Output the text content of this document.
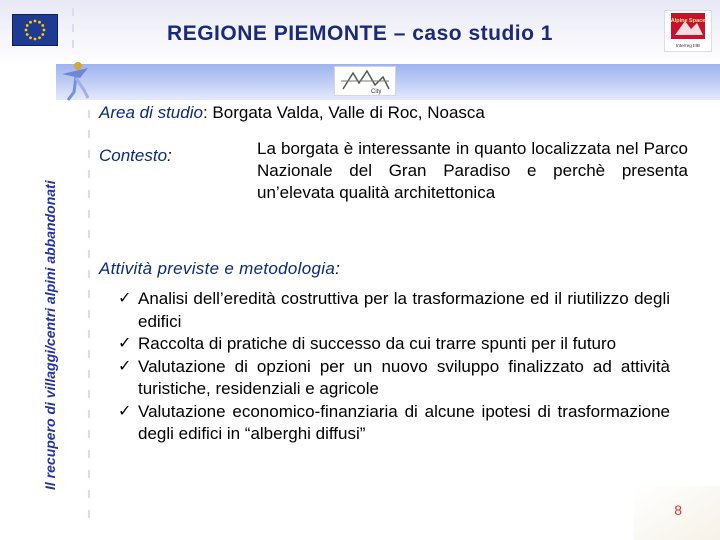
REGIONE PIEMONTE – caso studio 1
Alpine Space
Interreg IIIB
City
Il recupero di villaggi/centri alpini abbandonati
Area di studio: Borgata Valda, Valle di Roc, Noasca
Contesto:	La borgata è interessante in quanto localizzata nel Parco Nazionale del Gran Paradiso e perchè presenta un’elevata qualità architettonica
Attività previste e metodologia:
✓ Analisi dell’eredità costruttiva per la trasformazione ed il riutilizzo degli edifici
✓ Raccolta di pratiche di successo da cui trarre spunti per il futuro
✓ Valutazione di opzioni per un nuovo sviluppo finalizzato ad attività turistiche, residenziali e agricole
✓ Valutazione economico-finanziaria di alcune ipotesi di trasformazione degli edifici in “alberghi diffusi”
8
